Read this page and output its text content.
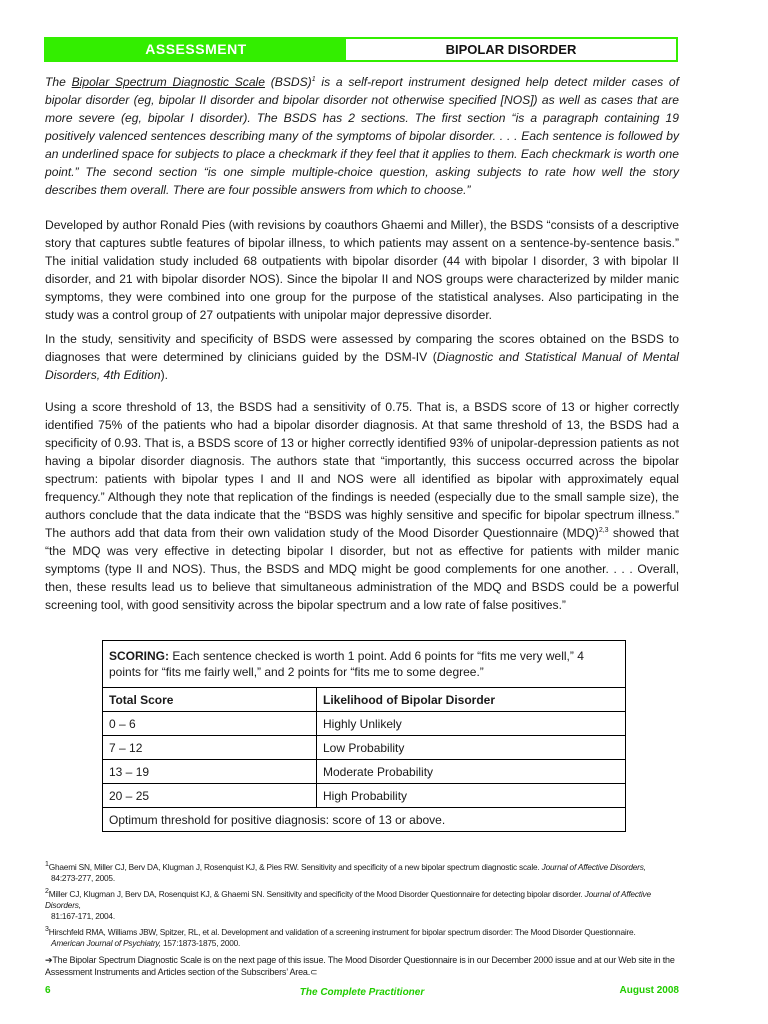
ASSESSMENT	BIPOLAR DISORDER

The Bipolar Spectrum Diagnostic Scale (BSDS)$^1$ is a self-report instrument designed help detect milder cases of bipolar disorder (eg, bipolar II disorder and bipolar disorder not otherwise specified [NOS]) as well as cases that are more severe (eg, bipolar I disorder). The BSDS has 2 sections. The first section “is a paragraph containing 19 positively valenced sentences describing many of the symptoms of bipolar disorder. . . . Each sentence is followed by an underlined space for subjects to place a checkmark if they feel that it applies to them. Each checkmark is worth one point.” The second section “is one simple multiple-choice question, asking subjects to rate how well the story describes them overall. There are four possible answers from which to choose.”

Developed by author Ronald Pies (with revisions by coauthors Ghaemi and Miller), the BSDS “consists of a descriptive story that captures subtle features of bipolar illness, to which patients may assent on a sentence-by-sentence basis.” The initial validation study included 68 outpatients with bipolar disorder (44 with bipolar I disorder, 3 with bipolar II disorder, and 21 with bipolar disorder NOS). Since the bipolar II and NOS groups were characterized by milder manic symptoms, they were combined into one group for the purpose of the statistical analyses. Also participating in the study was a control group of 27 outpatients with unipolar major depressive disorder.

In the study, sensitivity and specificity of BSDS were assessed by comparing the scores obtained on the BSDS to diagnoses that were determined by clinicians guided by the DSM-IV (Diagnostic and Statistical Manual of Mental Disorders, 4th Edition).

Using a score threshold of 13, the BSDS had a sensitivity of 0.75. That is, a BSDS score of 13 or higher correctly identified 75% of the patients who had a bipolar disorder diagnosis. At that same threshold of 13, the BSDS had a specificity of 0.93. That is, a BSDS score of 13 or higher correctly identified 93% of unipolar-depression patients as not having a bipolar disorder diagnosis. The authors state that “importantly, this success occurred across the bipolar spectrum: patients with bipolar types I and II and NOS were all identified as bipolar with approximately equal frequency.” Although they note that replication of the findings is needed (especially due to the small sample size), the authors conclude that the data indicate that the “BSDS was highly sensitive and specific for bipolar spectrum illness.” The authors add that data from their own validation study of the Mood Disorder Questionnaire (MDQ)$^{2,3}$ showed that “the MDQ was very effective in detecting bipolar I disorder, but not as effective for patients with milder manic symptoms (type II and NOS). Thus, the BSDS and MDQ might be good complements for one another. . . . Overall, then, these results lead us to believe that simultaneous administration of the MDQ and BSDS could be a powerful screening tool, with good sensitivity across the bipolar spectrum and a low rate of false positives.”

SCORING: Each sentence checked is worth 1 point. Add 6 points for “fits me very well,” 4 points for “fits me fairly well,” and 2 points for “fits me to some degree.”	
Total Score	Likelihood of Bipolar Disorder
0 – 6	Highly Unlikely
7 – 12	Low Probability
13 – 19	Moderate Probability
20 – 25	High Probability
Optimum threshold for positive diagnosis: score of 13 or above.	
$^1$Ghaemi SN, Miller CJ, Berv DA, Klugman J, Rosenquist KJ, & Pies RW. Sensitivity and specificity of a new bipolar spectrum diagnostic scale. Journal of Affective Disorders,
84:273-277, 2005.
$^2$Miller CJ, Klugman J, Berv DA, Rosenquist KJ, & Ghaemi SN. Sensitivity and specificity of the Mood Disorder Questionnaire for detecting bipolar disorder. Journal of Affective Disorders,
81:167-171, 2004.
$^3$Hirschfeld RMA, Williams JBW, Spitzer, RL, et al. Development and validation of a screening instrument for bipolar spectrum disorder: The Mood Disorder Questionnaire.
American Journal of Psychiatry, 157:1873-1875, 2000.
➔The Bipolar Spectrum Diagnostic Scale is on the next page of this issue. The Mood Disorder Questionnaire is in our December 2000 issue and at our Web site in the Assessment Instruments and Articles section of the Subscribers’ Area.⊂
6	The Complete Practitioner	August 2008
